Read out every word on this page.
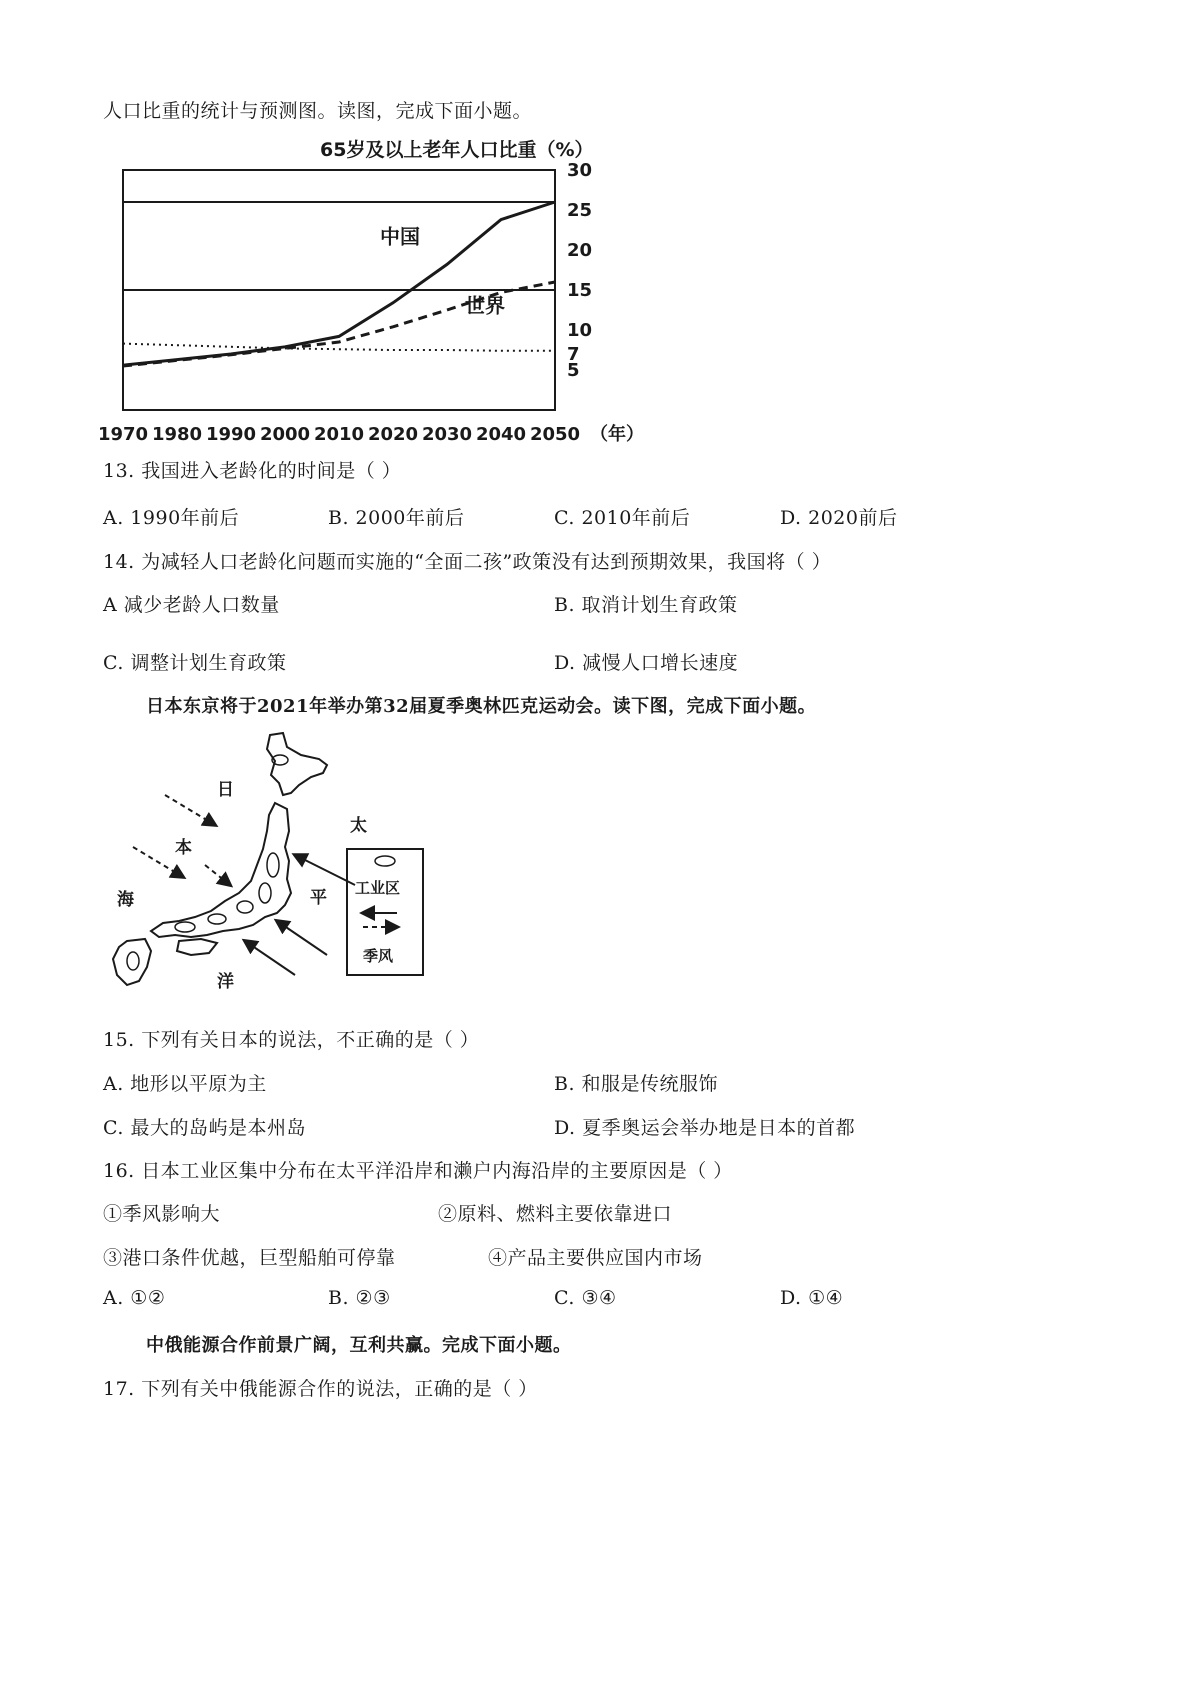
人口比重的统计与预测图。读图，完成下面小题。
65岁及以上老年人口比重（%）
1970 1980 1990 2000 2010 2020 2030 2040 2050 （年）
5
7
10
15
20
25
30
中国
世界
13. 我国进入老龄化的时间是（ ）
A. 1990年前后	B. 2000年前后	C. 2010年前后	D. 2020前后
14. 为减轻人口老龄化问题而实施的“全面二孩”政策没有达到预期效果，我国将（ ）
A 减少老龄人口数量	B. 取消计划生育政策
C. 调整计划生育政策	D. 减慢人口增长速度
日本东京将于2021年举办第32届夏季奥林匹克运动会。读下图，完成下面小题。
日
本
海
太
平
洋
工业区
季风
15. 下列有关日本的说法，不正确的是（ ）
A. 地形以平原为主	B. 和服是传统服饰
C. 最大的岛屿是本州岛	D. 夏季奥运会举办地是日本的首都
16. 日本工业区集中分布在太平洋沿岸和濑户内海沿岸的主要原因是（ ）
①季风影响大	②原料、燃料主要依靠进口
③港口条件优越，巨型船舶可停靠	④产品主要供应国内市场
A. ①②	B. ②③	C. ③④	D. ①④
中俄能源合作前景广阔，互利共赢。完成下面小题。
17. 下列有关中俄能源合作的说法，正确的是（ ）
